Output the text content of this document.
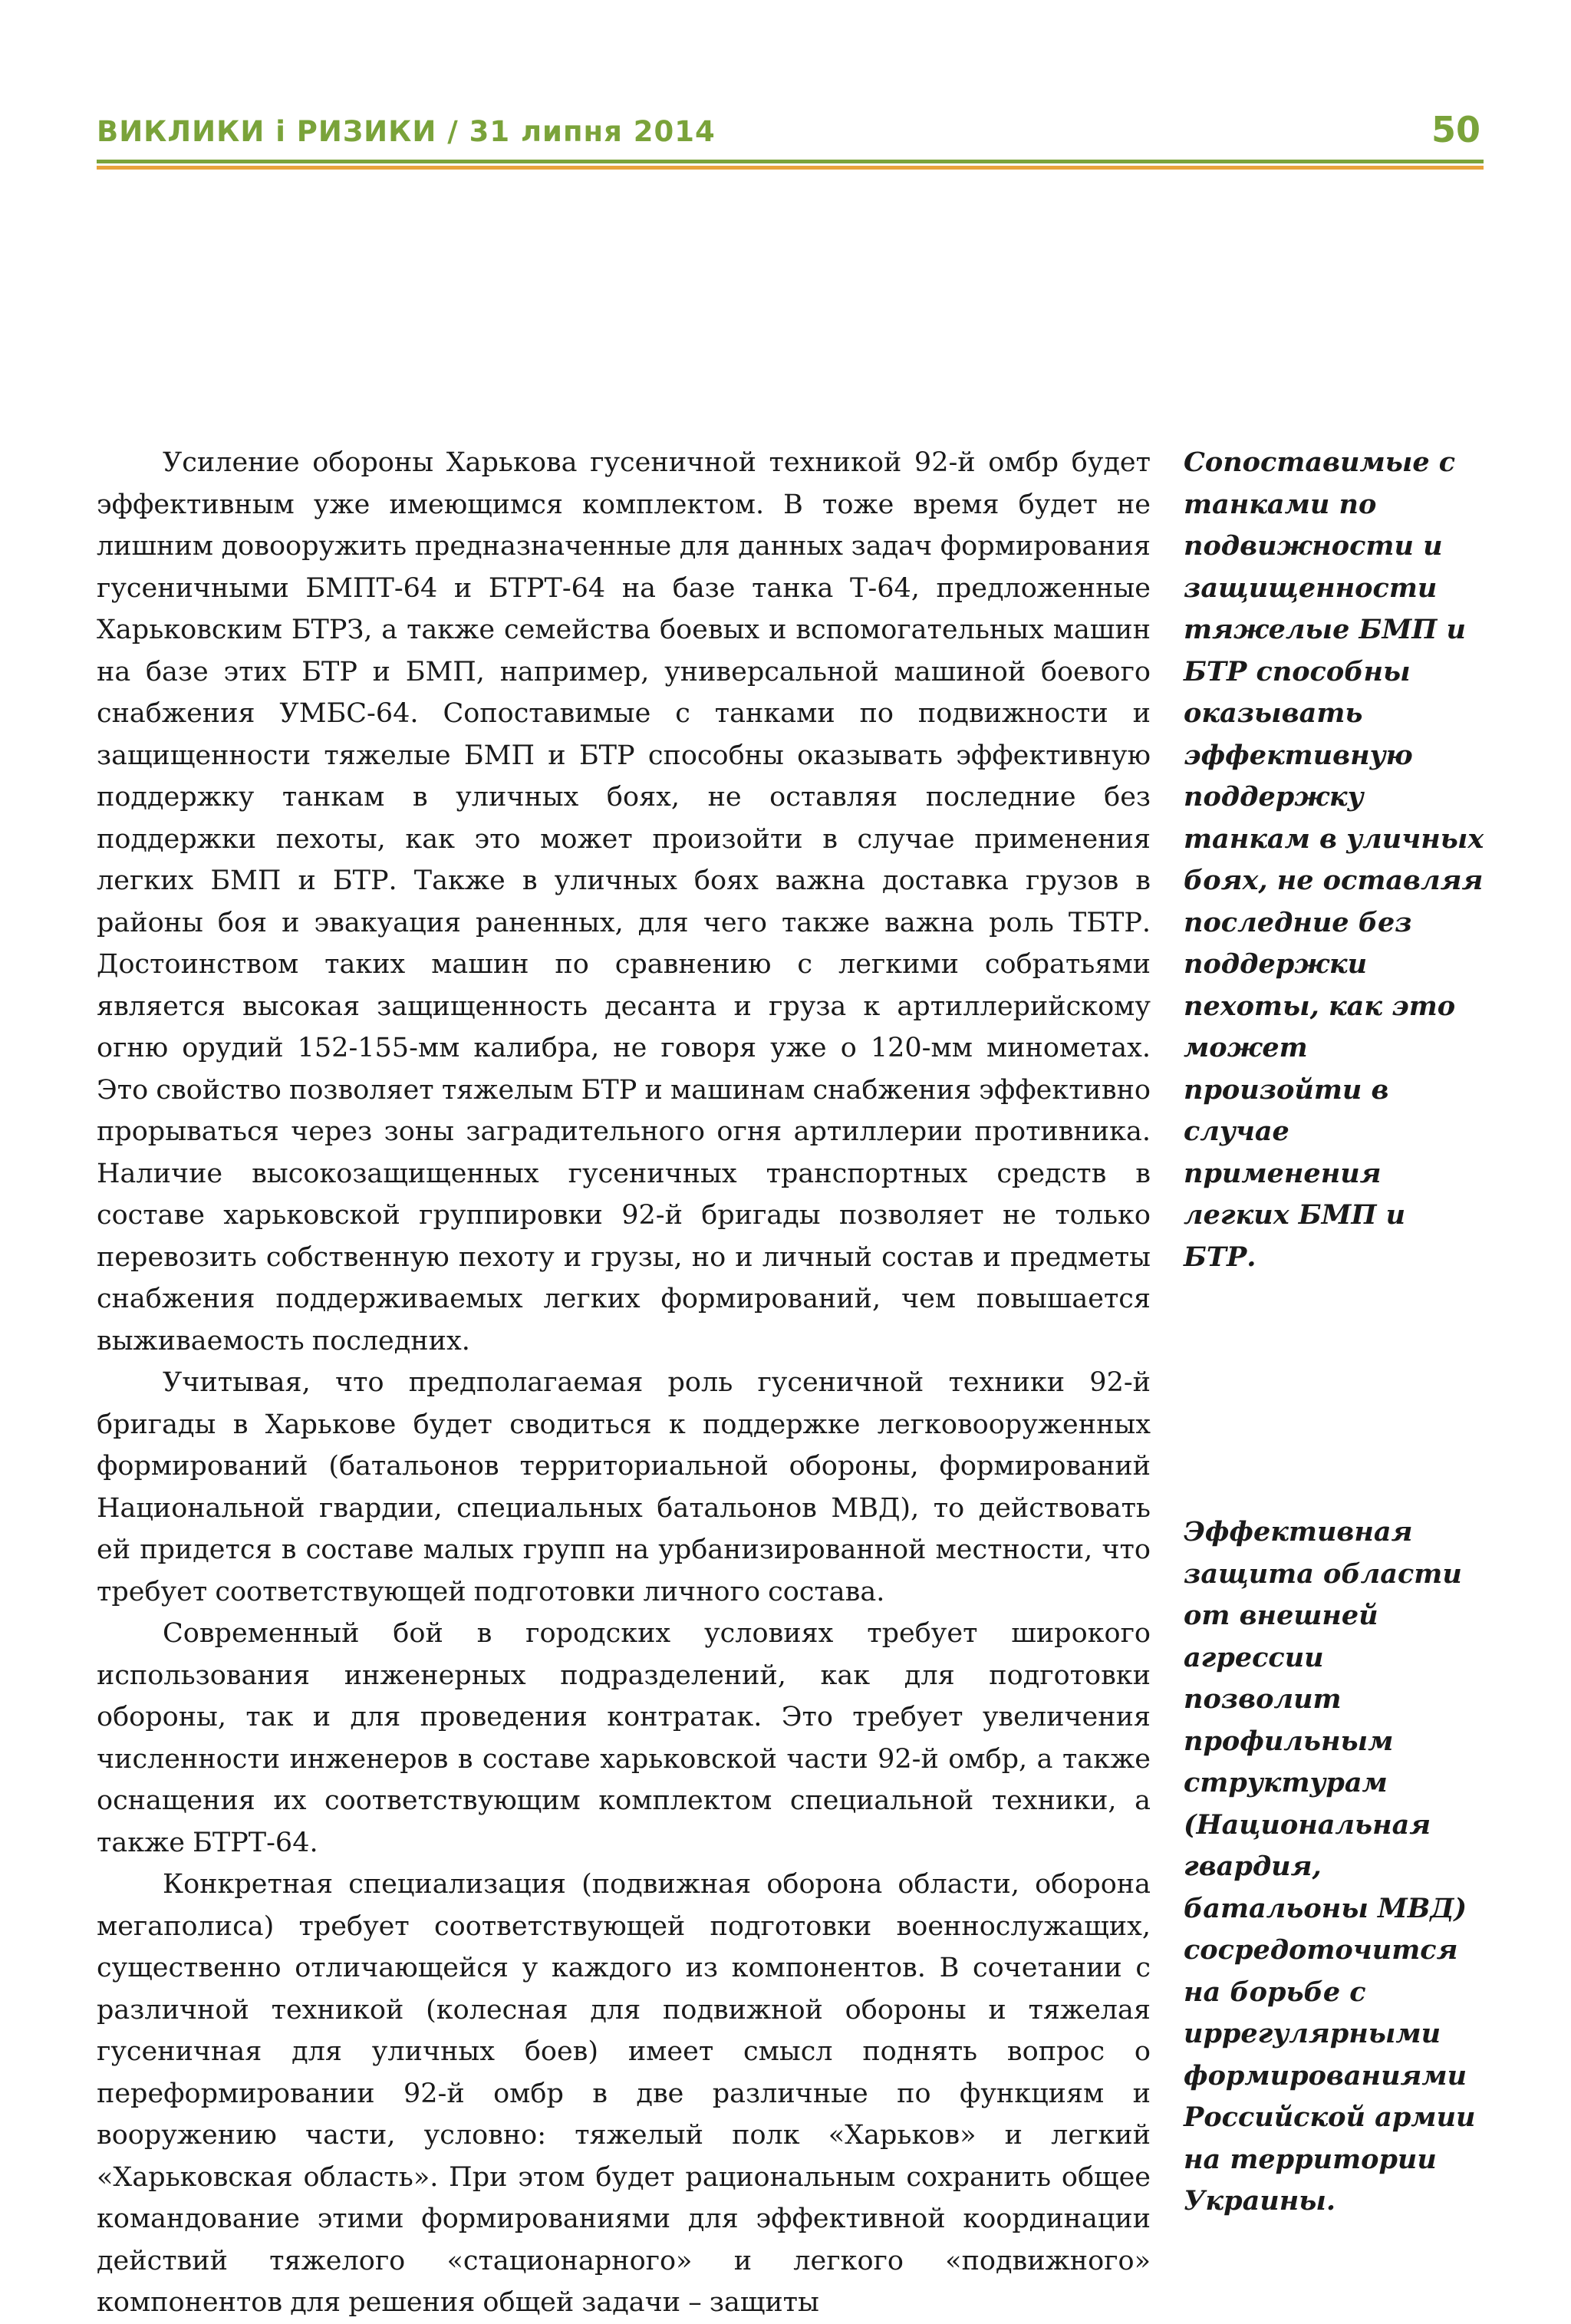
ВИКЛИКИ і РИЗИКИ / 31 липня 2014	50

Усиление обороны Харькова гусеничной техникой 92-й омбр будет эффективным уже имеющимся комплектом. В тоже время будет не лишним довооружить предназначенные для данных задач формирования гусеничными БМПТ-64 и БТРТ-64 на базе танка Т-64, предложенные Харьковским БТРЗ, а также семейства боевых и вспомогательных машин на базе этих БТР и БМП, например, универсальной машиной боевого снабжения УМБС-64. Сопоставимые с танками по подвижности и защищенности тяжелые БМП и БТР способны оказывать эффективную поддержку танкам в уличных боях, не оставляя последние без поддержки пехоты, как это может произойти в случае применения легких БМП и БТР. Также в уличных боях важна доставка грузов в районы боя и эвакуация раненных, для чего также важна роль ТБТР. Достоинством таких машин по сравнению с легкими собратьями является высокая защищенность десанта и груза к артиллерийскому огню орудий 152-155-мм калибра, не говоря уже о 120-мм минометах. Это свойство позволяет тяжелым БТР и машинам снабжения эффективно прорываться через зоны заградительного огня артиллерии противника. Наличие высокозащищенных гусеничных транспортных средств в составе харьковской группировки 92-й бригады позволяет не только перевозить собственную пехоту и грузы, но и личный состав и предметы снабжения поддерживаемых легких формирований, чем повышается выживаемость последних.

Учитывая, что предполагаемая роль гусеничной техники 92-й бригады в Харькове будет сводиться к поддержке легковооруженных формирований (батальонов территориальной обороны, формирований Национальной гвардии, специальных батальонов МВД), то действовать ей придется в составе малых групп на урбанизированной местности, что требует соответствующей подготовки личного состава.

Современный бой в городских условиях требует широкого использования инженерных подразделений, как для подготовки обороны, так и для проведения контратак. Это требует увеличения численности инженеров в составе харьковской части 92-й омбр, а также оснащения их соответствующим комплектом специальной техники, а также БТРТ-64.

Конкретная специализация (подвижная оборона области, оборона мегаполиса) требует соответствующей подготовки военнослужащих, существенно отличающейся у каждого из компонентов. В сочетании с различной техникой (колесная для подвижной обороны и тяжелая гусеничная для уличных боев) имеет смысл поднять вопрос о переформировании 92-й омбр в две различные по функциям и вооружению части, условно: тяжелый полк «Харьков» и легкий «Харьковская область». При этом будет рациональным сохранить общее командование этими формированиями для эффективной координации действий тяжелого «стационарного» и легкого «подвижного» компонентов для решения общей задачи – защиты

Сопоставимые с танками по подвижности и защищенности тяжелые БМП и БТР способны оказывать эффективную поддержку танкам в уличных боях, не оставляя последние без поддержки пехоты, как это может произойти в случае применения легких БМП и БТР.

Эффективная защита области от внешней агрессии позволит профильным структурам (Национальная гвардия, батальоны МВД) сосредоточится на борьбе с иррегулярными формированиями Российской армии на территории Украины.
